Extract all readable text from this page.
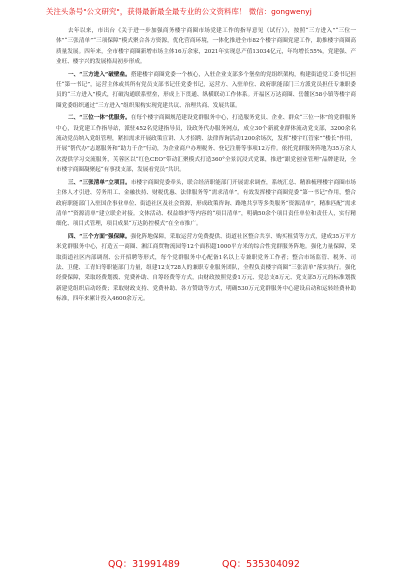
关注头条号"公文研究"，获得最新最全最专业的公文资料库！ 微信：gongwenyj

去年以来，市出台《关于进一步加强商务楼宇商圈市场党建工作的指导意见（试行）》，按照“三方进入”“三位一体”“三张清单”“三项保障”模式聚合各方资源，优化营商环境，一体化推进全市82个楼宇商圈党建工作，助推楼宇商圈高质量发展。四年来，全市楼宇商圈新增市场主体16万余家，2021年实现总产值13034亿元，年均增长55%，党建强、产业旺、楼宇兴的发展格局初步形成。

一、“三方进入”破壁垒。搭建楼宇商圈党委一个核心，入驻企业支部多个堡垒的党组织架构，构建街道党工委书记担任“第一书记”，运营主体或其所有党员支部书记任党委书记，运营方、入驻单位、政府职能部门三方派党员担任专兼职委员的“三方进入”模式，打破沟通联系壁垒，形成上下贯通、纵横联动工作体系。开福区万达商圈、岳麓区58小镇等楼宇商圈党委组织通过“三方进入”组织架构实现党建共议、治理共商、发展共谋。

二、“三位一体”优服务。在每个楼宇商圈规范建设党群服务中心，打造服务党员、企业、群众“三位一体”的党群服务中心，设党建工作指导站，派驻452名党建指导员，设政务代办服务网点，成立30个新就业群体流动党支部，3200余名流动党员纳入党组管理，紧扣需求开展政策宣讲、人才招聘、法律咨询活动1200余场次，发挥“楼宇红管家”“楼长”作用，开展“帮代办”志愿服务和“助力千企”行动，为企业商户办理税务、登记注册等事项12万件。依托党群服务阵地为35万余人次提供学习交流服务，芙蓉区以“红色CEO”带动汇聚模式打造360°全景沉浸式党课，推进“跟党创业管理”品牌建设，全市楼宇商圈凝聚起“有事找支部，发展看党员”共识。

三、“三张清单”立项目。市楼宇商圈党委牵头，联合经济职能部门开展需求调查，系统汇总、精准梳理楼宇商圈市场主体人才引进、劳务用工、金融扶持、财税优惠、法律服务等“需求清单”。有效发挥楼宇商圈党委“第一书记”作用，整合政府职能部门入驻国企事业单位、街道社区及社会资源，形成政策咨询、路地共享等多类服务“资源清单”，精准匹配“需求清单”“资源清单”建立联企对接。文体活动、权益维护等内容的“项目清单”，明确50余个项目责任单位和责任人，实行精细化、项目式管理，项目成果“万达防控模式”在全市推广。

四、“三个方面”强保障。强化阵地保障，采取运营方免费提供、街道社区整合共享、购买租赁等方式，建成35万平方米党群服务中心，打造五一商圈、湘江商贸物流园等12个面积超1000平方米的综合性党群服务阵地。强化力量保障，采取街道社区内部调剂、公开招聘等形式，每个党群服务中心配备1名以上专兼职党务工作者；整合市场监管、税务、司法、卫健、工青妇等职能部门力量，组建12支728人的兼职专业服务团队，全程负责楼宇商圈“三张清单”落实执行。强化经费保障，采取经费划拨、党费补助、自筹经费等方式，由财政按照党委1万元、党总支8万元、党支部5万元的标准划拨新建党组织启动经费；采取财政支持、党费补助、各方赞助等方式，明确530万元党群服务中心建设启动和运转经费补助标准，四年来累计投入4600余万元。

QQ：31991489	QQ：535304092
